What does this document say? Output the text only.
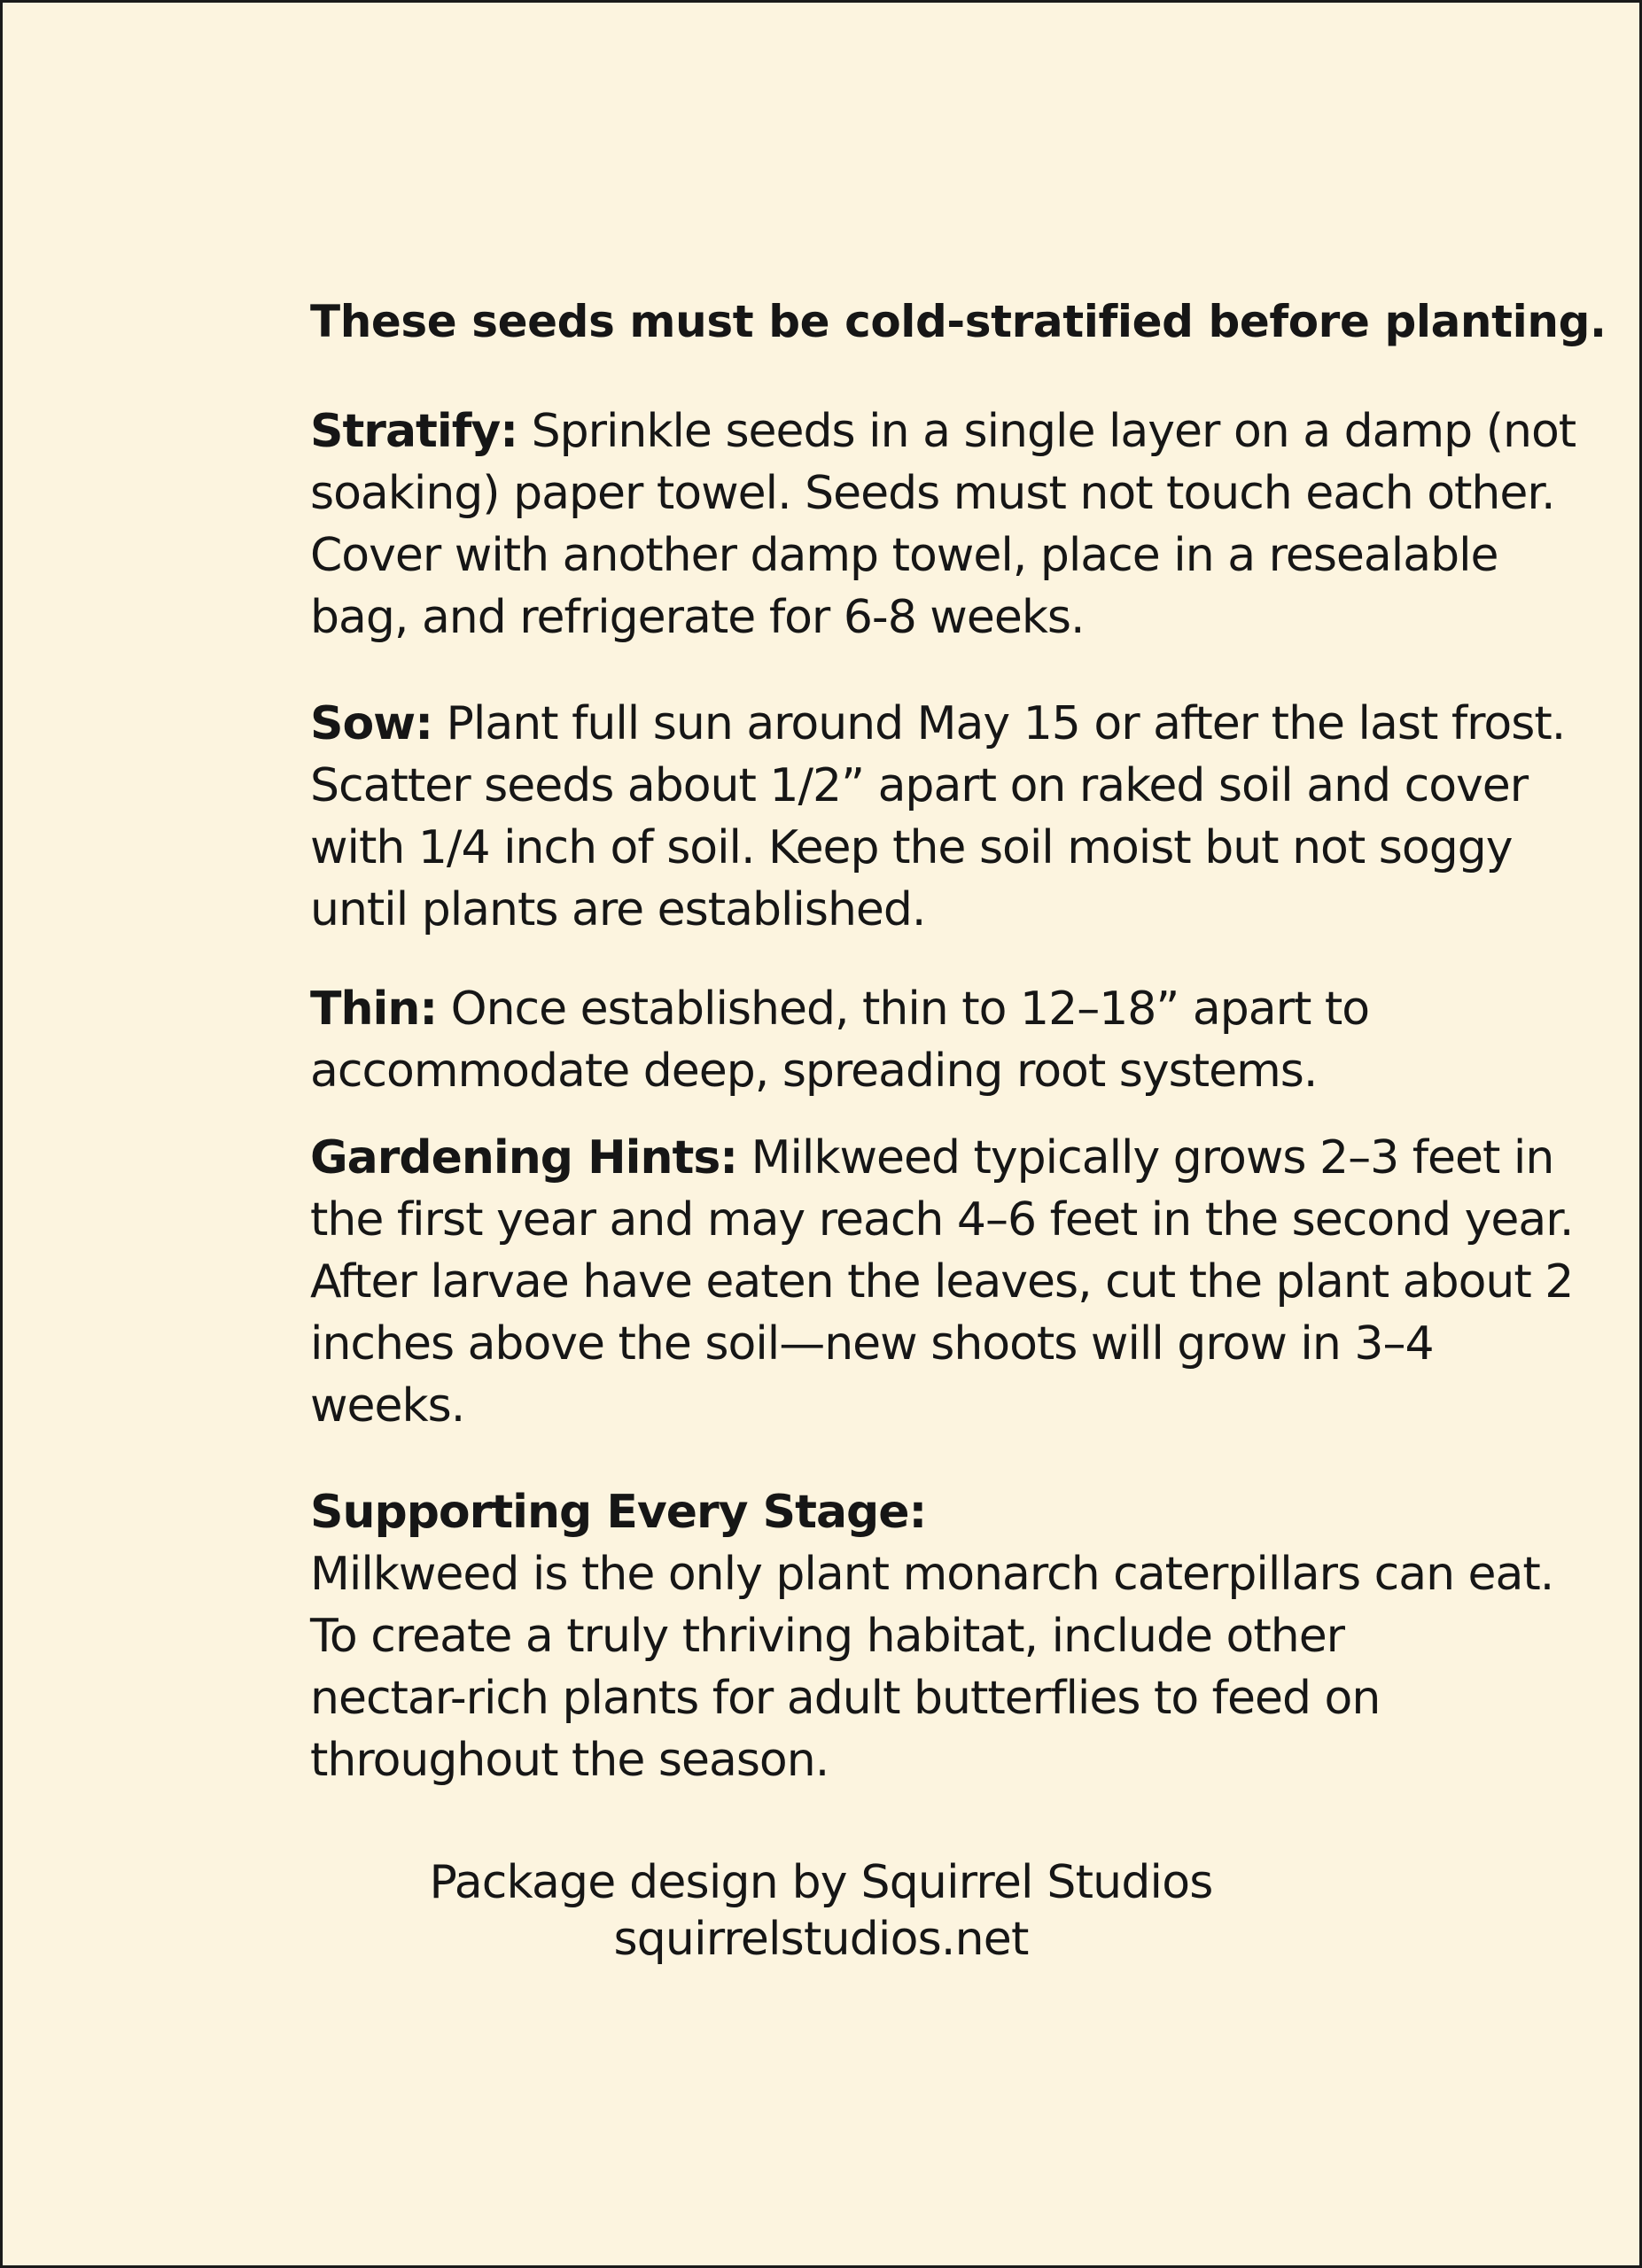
These seeds must be cold-stratified before planting.
Stratify: Sprinkle seeds in a single layer on a damp (not
soaking) paper towel. Seeds must not touch each other.
Cover with another damp towel, place in a resealable
bag, and refrigerate for 6-8 weeks.
Sow: Plant full sun around May 15 or after the last frost.
Scatter seeds about 1/2” apart on raked soil and cover
with 1/4 inch of soil. Keep the soil moist but not soggy
until plants are established.
Thin: Once established, thin to 12–18” apart to
accommodate deep, spreading root systems.
Gardening Hints: Milkweed typically grows 2–3 feet in
the first year and may reach 4–6 feet in the second year.
After larvae have eaten the leaves, cut the plant about 2
inches above the soil—new shoots will grow in 3–4
weeks.
Supporting Every Stage:
Milkweed is the only plant monarch caterpillars can eat.
To create a truly thriving habitat, include other
nectar-rich plants for adult butterflies to feed on
throughout the season.
Package design by Squirrel Studios
squirrelstudios.net
